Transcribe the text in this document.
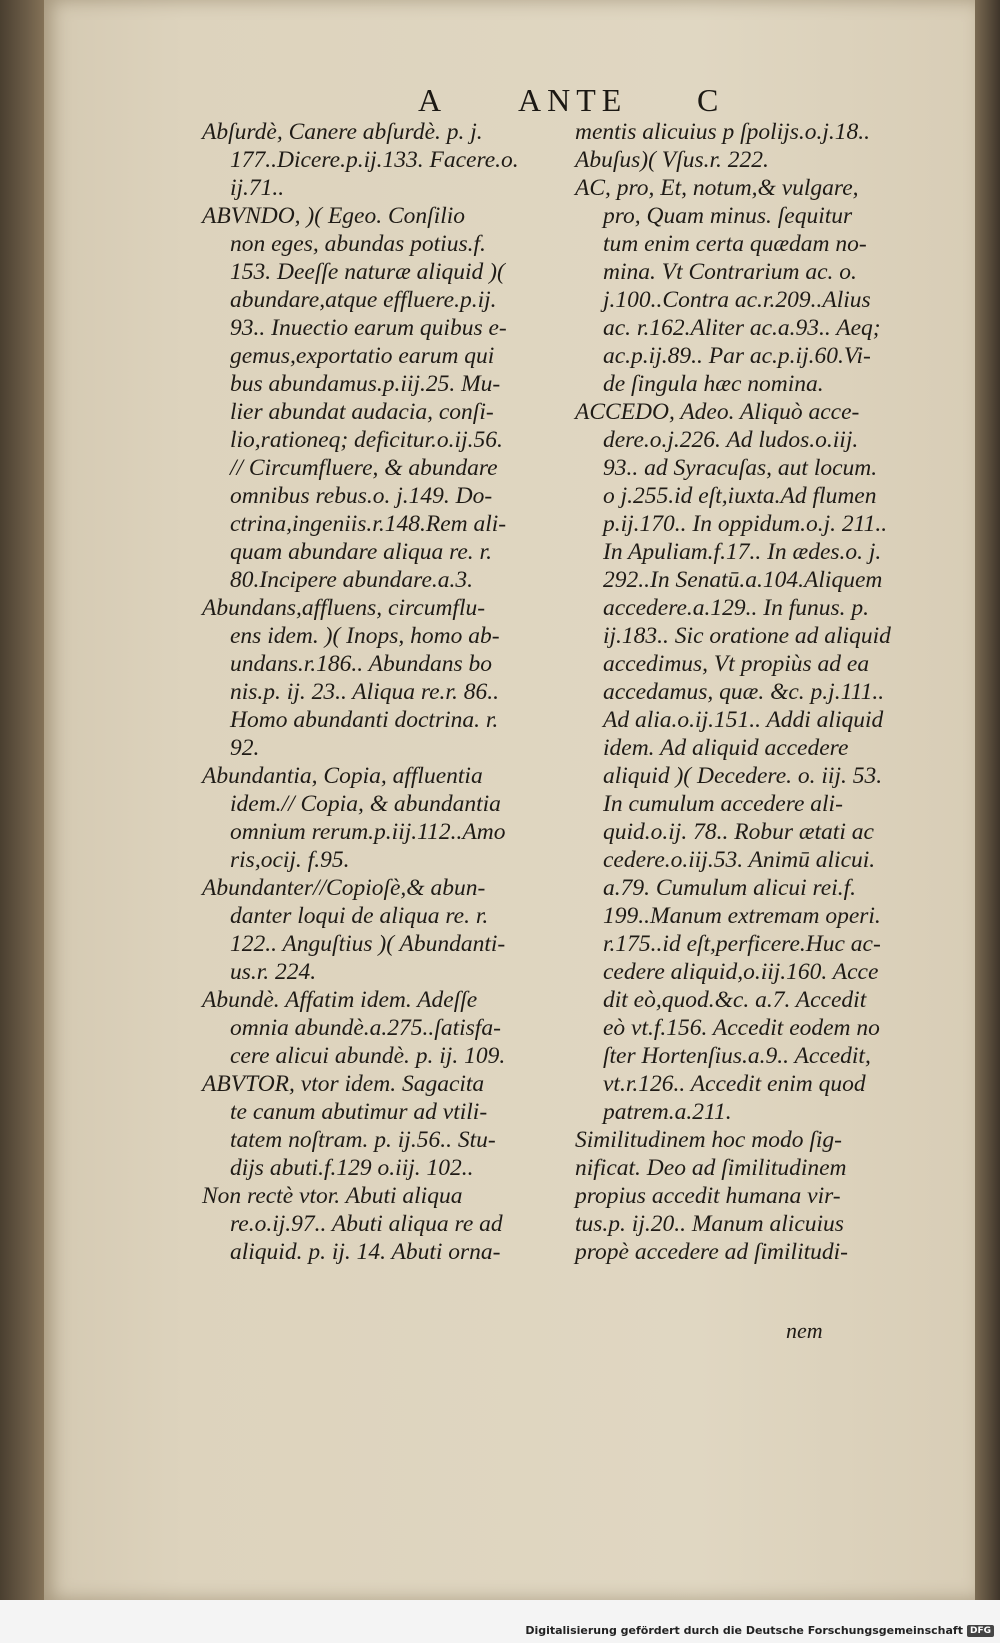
A ANTE C
Abſurdè, Canere abſurdè. p. j.
177..Dicere.p.ij.133. Facere.o.
ij.71..
ABVNDO, )( Egeo. Conſilio
non eges, abundas potius.f.
153. Deeſſe naturæ aliquid )(
abundare,atque effluere.p.ij.
93.. Inuectio earum quibus e-
gemus,exportatio earum qui
bus abundamus.p.iij.25. Mu-
lier abundat audacia, conſi-
lio,rationeq; deficitur.o.ij.56.
// Circumfluere, & abundare
omnibus rebus.o. j.149. Do-
ctrina,ingeniis.r.148.Rem ali-
quam abundare aliqua re. r.
80.Incipere abundare.a.3.
Abundans,affluens, circumflu-
ens idem. )( Inops, homo ab-
undans.r.186.. Abundans bo
nis.p. ij. 23.. Aliqua re.r. 86..
Homo abundanti doctrina. r.
92.
Abundantia, Copia, affluentia
idem.// Copia, & abundantia
omnium rerum.p.iij.112..Amo
ris,ocij. f.95.
Abundanter//Copioſè,& abun-
danter loqui de aliqua re. r.
122.. Anguſtius )( Abundanti-
us.r. 224.
Abundè. Affatim idem. Adeſſe
omnia abundè.a.275..ſatisfa-
cere alicui abundè. p. ij. 109.
ABVTOR, vtor idem. Sagacita
te canum abutimur ad vtili-
tatem noſtram. p. ij.56.. Stu-
dijs abuti.f.129 o.iij. 102..
Non rectè vtor. Abuti aliqua
re.o.ij.97.. Abuti aliqua re ad
aliquid. p. ij. 14. Abuti orna-
mentis alicuius p ſpolijs.o.j.18..
Abuſus)( Vſus.r. 222.
AC, pro, Et, notum,& vulgare,
pro, Quam minus. ſequitur
tum enim certa quædam no-
mina. Vt Contrarium ac. o.
j.100..Contra ac.r.209..Alius
ac. r.162.Aliter ac.a.93.. Aeq;
ac.p.ij.89.. Par ac.p.ij.60.Vi-
de ſingula hæc nomina.
ACCEDO, Adeo. Aliquò acce-
dere.o.j.226. Ad ludos.o.iij.
93.. ad Syracuſas, aut locum.
o j.255.id eſt,iuxta.Ad flumen
p.ij.170.. In oppidum.o.j. 211..
In Apuliam.f.17.. In ædes.o. j.
292..In Senatū.a.104.Aliquem
accedere.a.129.. In funus. p.
ij.183.. Sic oratione ad aliquid
accedimus, Vt propiùs ad ea
accedamus, quæ. &c. p.j.111..
Ad alia.o.ij.151.. Addi aliquid
idem. Ad aliquid accedere
aliquid )( Decedere. o. iij. 53.
In cumulum accedere ali-
quid.o.ij. 78.. Robur ætati ac
cedere.o.iij.53. Animū alicui.
a.79. Cumulum alicui rei.f.
199..Manum extremam operi.
r.175..id eſt,perficere.Huc ac-
cedere aliquid,o.iij.160. Acce
dit eò,quod.&c. a.7. Accedit
eò vt.f.156. Accedit eodem no
ſter Hortenſius.a.9.. Accedit,
vt.r.126.. Accedit enim quod
patrem.a.211.
Similitudinem hoc modo ſig-
nificat. Deo ad ſimilitudinem
propius accedit humana vir-
tus.p. ij.20.. Manum alicuius
propè accedere ad ſimilitudi-
nem
Digitalisierung gefördert durch die Deutsche Forschungsgemeinschaft DFG
